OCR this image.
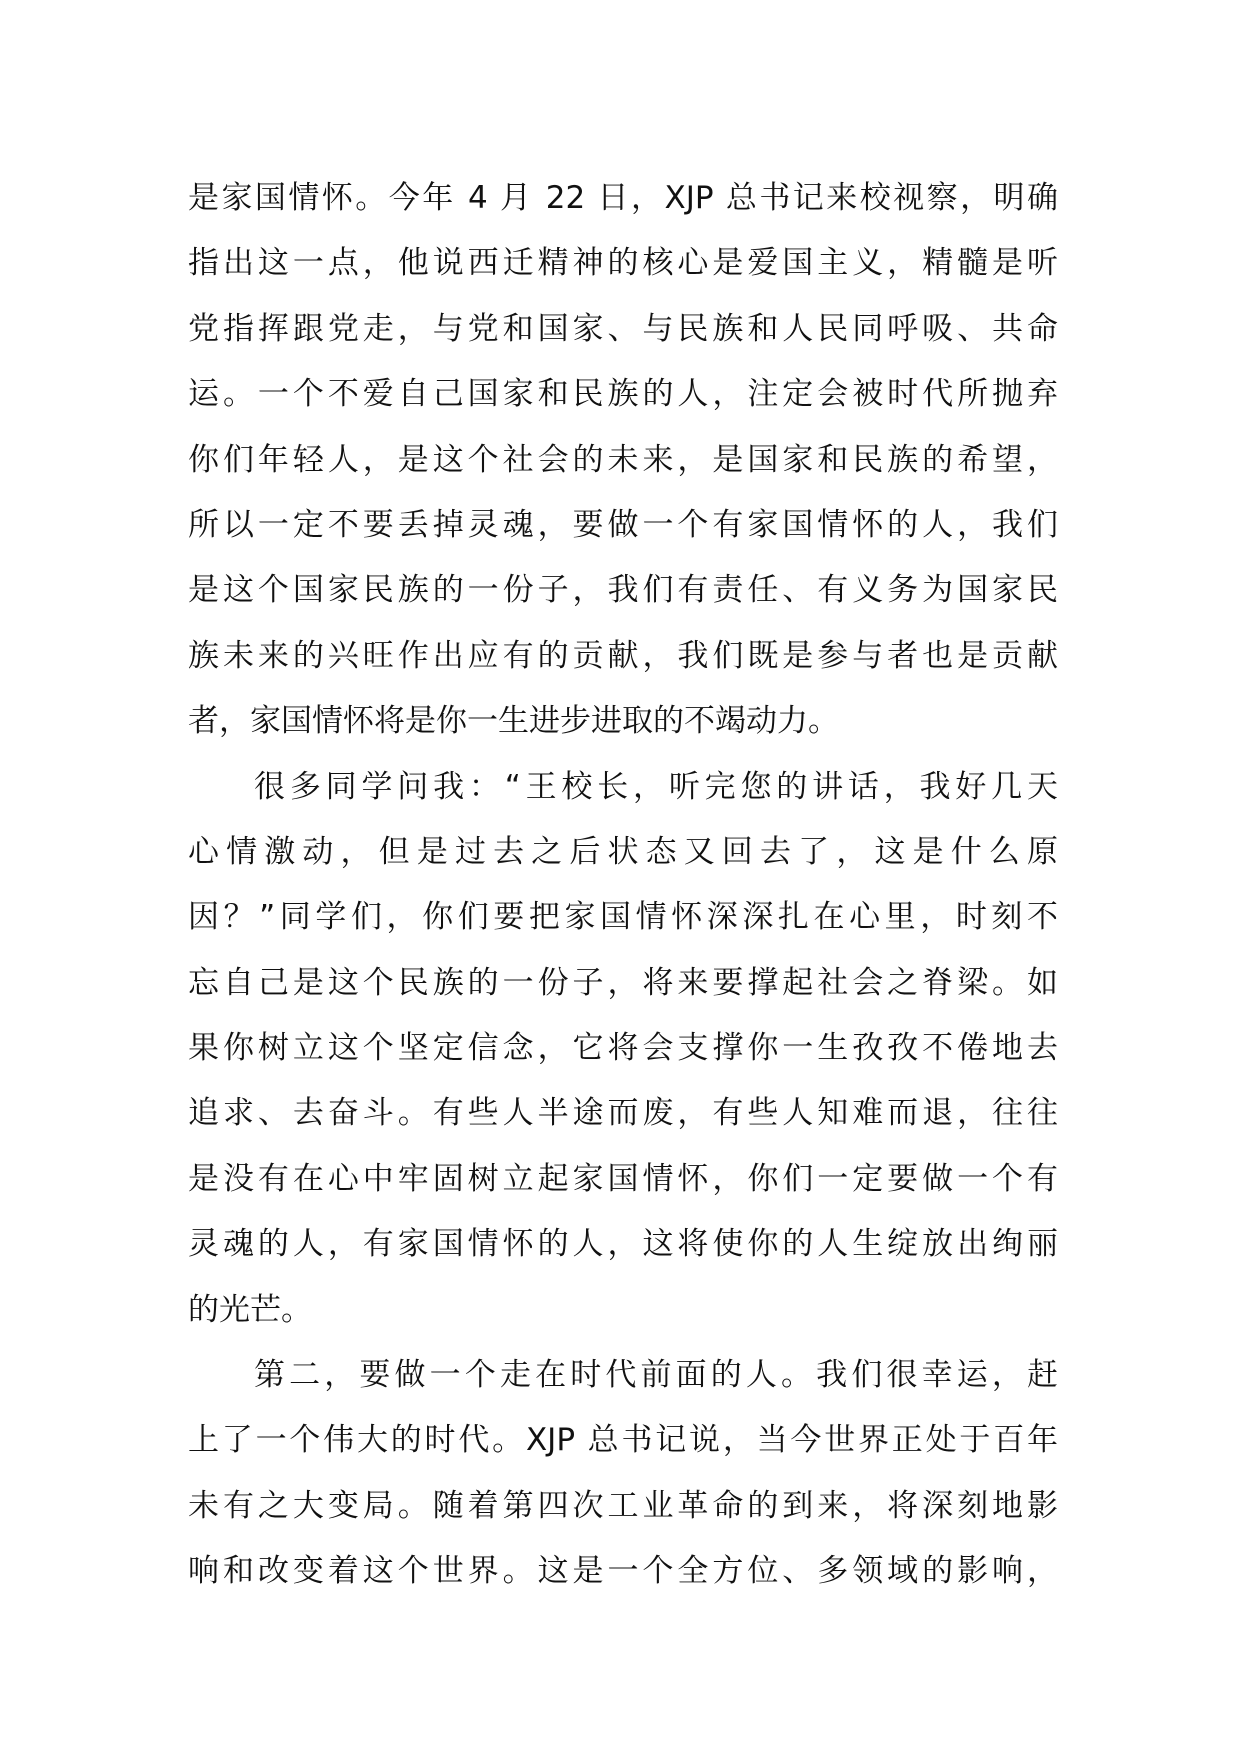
是家国情怀。今年 4 月 22 日，XJP 总书记来校视察，明确
指出这一点，他说西迁精神的核心是爱国主义，精髓是听
党指挥跟党走，与党和国家、与民族和人民同呼吸、共命
运。一个不爱自己国家和民族的人，注定会被时代所抛弃
你们年轻人，是这个社会的未来，是国家和民族的希望，
所以一定不要丢掉灵魂，要做一个有家国情怀的人，我们
是这个国家民族的一份子，我们有责任、有义务为国家民
族未来的兴旺作出应有的贡献，我们既是参与者也是贡献
者，家国情怀将是你一生进步进取的不竭动力。
很多同学问我：“王校长，听完您的讲话，我好几天
心情激动，但是过去之后状态又回去了，这是什么原
因？”同学们，你们要把家国情怀深深扎在心里，时刻不
忘自己是这个民族的一份子，将来要撑起社会之脊梁。如
果你树立这个坚定信念，它将会支撑你一生孜孜不倦地去
追求、去奋斗。有些人半途而废，有些人知难而退，往往
是没有在心中牢固树立起家国情怀，你们一定要做一个有
灵魂的人，有家国情怀的人，这将使你的人生绽放出绚丽
的光芒。
第二，要做一个走在时代前面的人。我们很幸运，赶
上了一个伟大的时代。XJP 总书记说，当今世界正处于百年
未有之大变局。随着第四次工业革命的到来，将深刻地影
响和改变着这个世界。这是一个全方位、多领域的影响，
